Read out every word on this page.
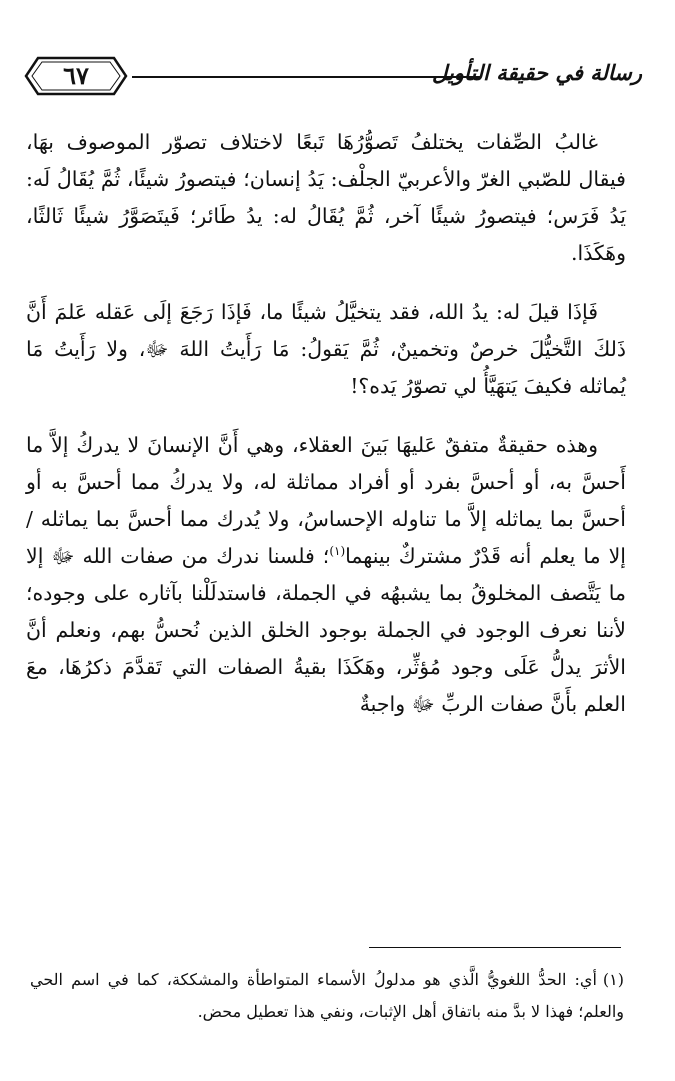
رسالة في حقيقة التأويل
٦٧

غالبُ الصِّفات يختلفُ تَصوُّرُهَا تَبعًا لاختلاف تصوّر الموصوف بهَا، فيقال للصّبي الغرّ والأعربيّ الجلْف: يَدُ إنسان؛ فيتصورُ شيئًا، ثُمَّ يُقَالُ لَه: يَدُ فَرَس؛ فيتصورُ شيئًا آخر، ثُمَّ يُقَالُ له: يدُ طَائر؛ فَيتَصَوَّرُ شيئًا ثَالثًا، وهَكَذَا.

فَإذَا قيلَ له: يدُ الله، فقد يتخيَّلُ شيئًا ما، فَإذَا رَجَعَ إلَى عَقله عَلمَ أَنَّ ذَلكَ التَّخيُّلَ خرصٌ وتخمينٌ، ثُمَّ يَقولُ: مَا رَأَيتُ اللهَ ﷻ، ولا رَأَيتُ مَا يُماثله فكيفَ يَتهَيَّأُ لي تصوّرُ يَده؟!

وهذه حقيقةٌ متفقٌ عَليهَا بَينَ العقلاء، وهي أَنَّ الإنسانَ لا يدركُ إلاَّ ما أَحسَّ به، أو أحسَّ بفرد أو أفراد مماثلة له، ولا يدركُ مما أحسَّ به أو أحسَّ بما يماثله إلاَّ ما تناوله الإحساسُ، ولا يُدرك مما أحسَّ بما يماثله / إلا ما يعلم أنه قَدْرٌ مشتركٌ بينهما$^{(١)}$؛ فلسنا ندرك من صفات الله ﷻ إلا ما يَتَّصف المخلوقُ بما يشبهُه في الجملة، فاستدلَلْنا بآثاره على وجوده؛ لأننا نعرف الوجود في الجملة بوجود الخلق الذين نُحسُّ بهم، ونعلم أنَّ الأثرَ يدلُّ عَلَى وجود مُؤثِّر، وهَكَذَا بقيةُ الصفات التي تَقدَّمَ ذكرُهَا، معَ العلم بأَنَّ صفات الربِّ ﷻ واجبةٌ

(١)أي: الحدُّ اللغويُّ الَّذي هو مدلولُ الأسماء المتواطأة والمشككة، كما في اسم الحي والعلم؛ فهذا لا بدَّ منه باتفاق أهل الإثبات، ونفي هذا تعطيل محض.
